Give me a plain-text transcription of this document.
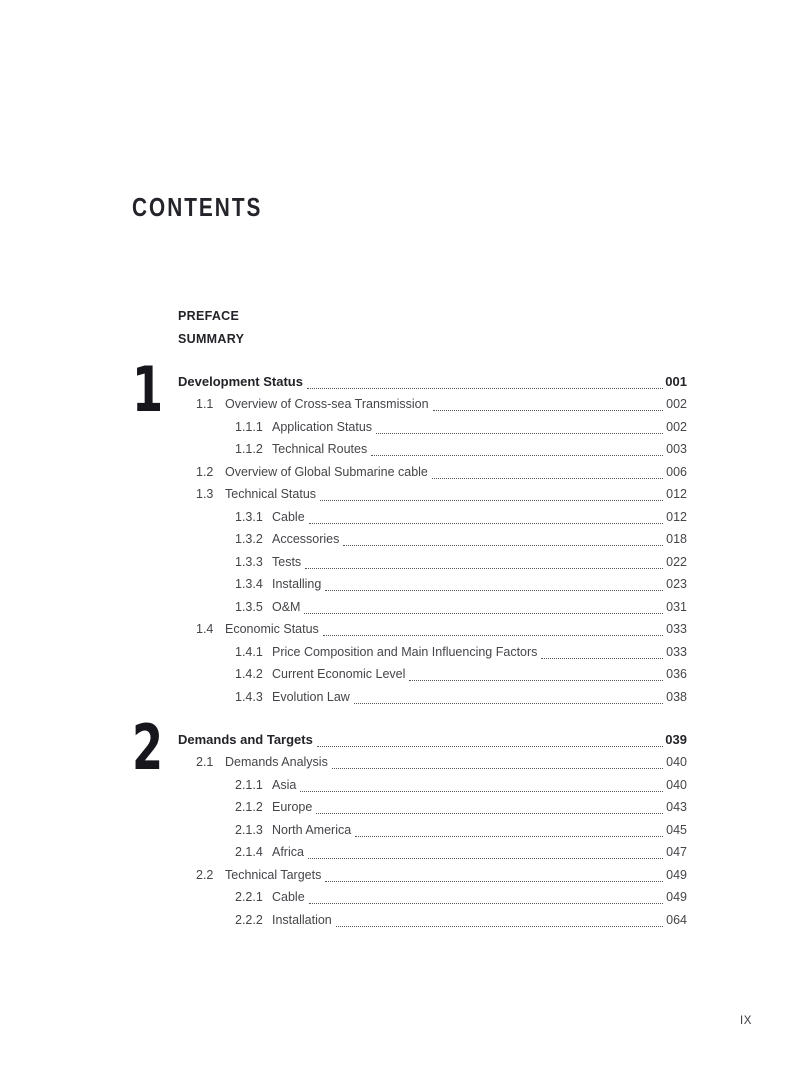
CONTENTS
PREFACE
SUMMARY
1 Development Status	001
1.1 Overview of Cross-sea Transmission	002
1.1.1 Application Status	002
1.1.2 Technical Routes	003
1.2 Overview of Global Submarine cable	006
1.3 Technical Status	012
1.3.1 Cable	012
1.3.2 Accessories	018
1.3.3 Tests	022
1.3.4 Installing	023
1.3.5 O&M	031
1.4 Economic Status	033
1.4.1 Price Composition and Main Influencing Factors	033
1.4.2 Current Economic Level	036
1.4.3 Evolution Law	038
2 Demands and Targets	039
2.1 Demands Analysis	040
2.1.1 Asia	040
2.1.2 Europe	043
2.1.3 North America	045
2.1.4 Africa	047
2.2 Technical Targets	049
2.2.1 Cable	049
2.2.2 Installation	064
IX
